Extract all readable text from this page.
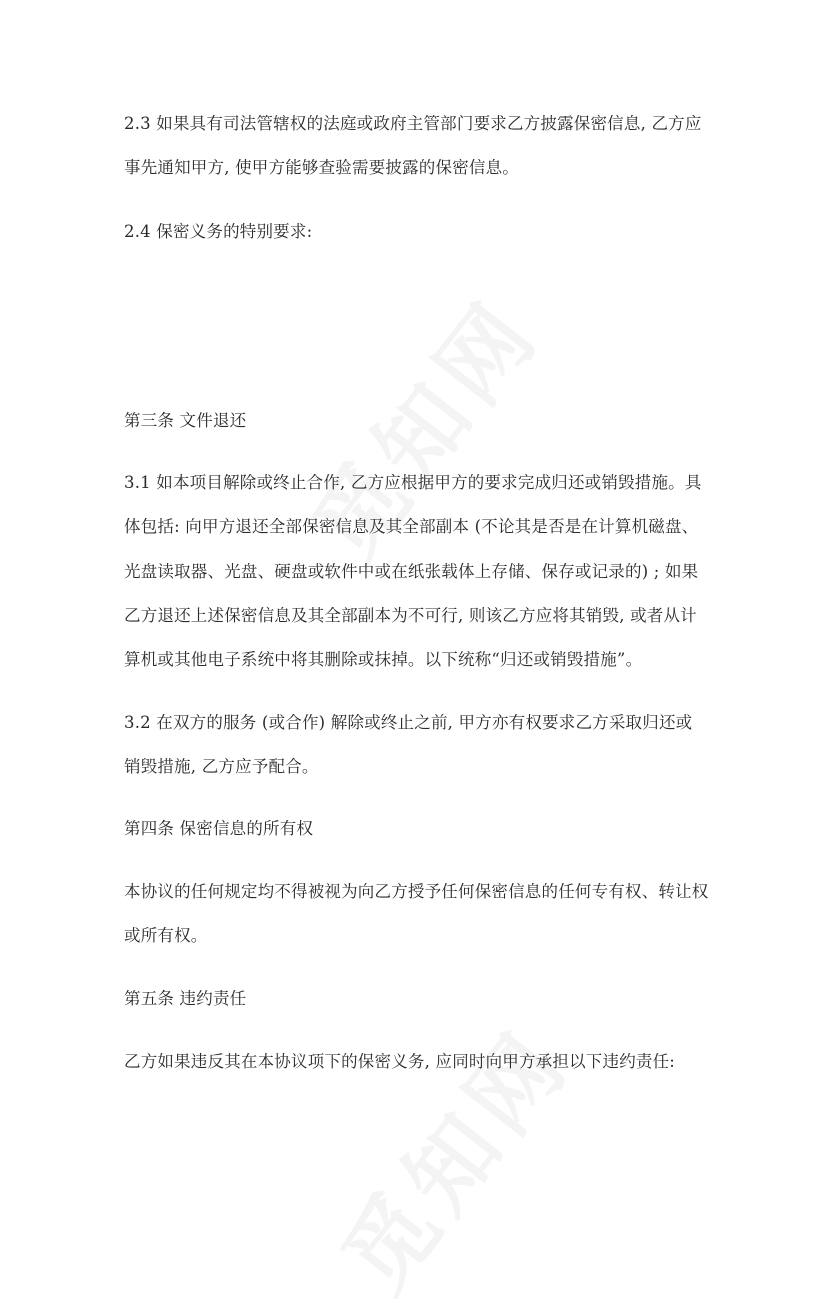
2.3 如果具有司法管辖权的法庭或政府主管部门要求乙方披露保密信息, 乙方应
事先通知甲方, 使甲方能够查验需要披露的保密信息。
2.4 保密义务的特别要求:
第三条 文件退还
3.1 如本项目解除或终止合作, 乙方应根据甲方的要求完成归还或销毁措施。具
体包括: 向甲方退还全部保密信息及其全部副本 (不论其是否是在计算机磁盘、
光盘读取器、光盘、硬盘或软件中或在纸张载体上存储、保存或记录的) ; 如果
乙方退还上述保密信息及其全部副本为不可行, 则该乙方应将其销毁, 或者从计
算机或其他电子系统中将其删除或抹掉。以下统称“归还或销毁措施”。
3.2 在双方的服务 (或合作) 解除或终止之前, 甲方亦有权要求乙方采取归还或
销毁措施, 乙方应予配合。
第四条 保密信息的所有权
本协议的任何规定均不得被视为向乙方授予任何保密信息的任何专有权、转让权
或所有权。
第五条 违约责任
乙方如果违反其在本协议项下的保密义务, 应同时向甲方承担以下违约责任:
